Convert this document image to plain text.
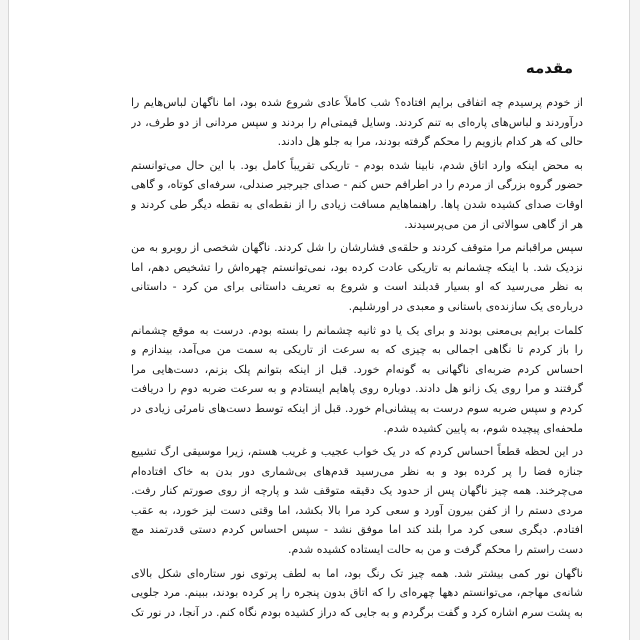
مقدمه
از خودم پرسیدم چه اتفاقی برایم افتاده؟ شب کاملاً عادی شروع شده بود، اما ناگهان لباس‌هایم را
درآوردند و لباس‌های پاره‌ای به تنم کردند. وسایل قیمتی‌ام را بردند و سپس مردانی از دو طرف، در
حالی که هر کدام بازویم را محکم گرفته بودند، مرا به جلو هل دادند.
به محض اینکه وارد اتاق شدم، نابینا شده بودم - تاریکی تقریباً کامل بود. با این حال می‌توانستم
حضور گروه بزرگی از مردم را در اطرافم حس کنم - صدای جیرجیر صندلی، سرفه‌ای کوتاه، و گاهی
اوقات صدای کشیده شدن پاها. راهنماهایم مسافت زیادی را از نقطه‌ای به نقطه دیگر طی کردند و
هر از گاهی سوالاتی از من می‌پرسیدند.
سپس مراقبانم مرا متوقف کردند و حلقه‌ی فشارشان را شل کردند. ناگهان شخصی از روبرو به من
نزدیک شد. با اینکه چشمانم به تاریکی عادت کرده بود، نمی‌توانستم چهره‌اش را تشخیص دهم، اما
به نظر می‌رسید که او بسیار قدبلند است و شروع به تعریف داستانی برای من کرد - داستانی
درباره‌ی یک سازنده‌ی باستانی و معبدی در اورشلیم.
کلمات برایم بی‌معنی بودند و برای یک یا دو ثانیه چشمانم را بسته بودم. درست به موقع چشمانم
را باز کردم تا نگاهی اجمالی به چیزی که به سرعت از تاریکی به سمت من می‌آمد، بیندازم و
احساس کردم ضربه‌ای ناگهانی به گونه‌ام خورد. قبل از اینکه بتوانم پلک بزنم، دست‌هایی مرا
گرفتند و مرا روی یک زانو هل دادند. دوباره روی پاهایم ایستادم و به سرعت ضربه دوم را دریافت
کردم و سپس ضربه سوم درست به پیشانی‌ام خورد. قبل از اینکه توسط دست‌های نامرئی زیادی در
ملحفه‌ای پیچیده شوم، به پایین کشیده شدم.
در این لحظه قطعاً احساس کردم که در یک خواب عجیب و غریب هستم، زیرا موسیقی ارگ تشییع
جنازه فضا را پر کرده بود و به نظر می‌رسید قدم‌های بی‌شماری دور بدن به خاک افتاده‌ام
می‌چرخند. همه چیز ناگهان پس از حدود یک دقیقه متوقف شد و پارچه از روی صورتم کنار رفت.
مردی دستم را از کفن بیرون آورد و سعی کرد مرا بالا بکشد، اما وقتی دست لیز خورد، به عقب
افتادم. دیگری سعی کرد مرا بلند کند اما موفق نشد - سپس احساس کردم دستی قدرتمند مچ
دست راستم را محکم گرفت و من به حالت ایستاده کشیده شدم.
ناگهان نور کمی بیشتر شد. همه چیز تک رنگ بود، اما به لطف پرتوی نور ستاره‌ای شکل بالای
شانه‌ی مهاجم، می‌توانستم دهها چهره‌ای را که اتاق بدون پنجره را پر کرده بودند، ببینم. مرد جلویی
به پشت سرم اشاره کرد و گفت برگردم و به جایی که دراز کشیده بودم نگاه کنم. در آنجا، در نور تک
